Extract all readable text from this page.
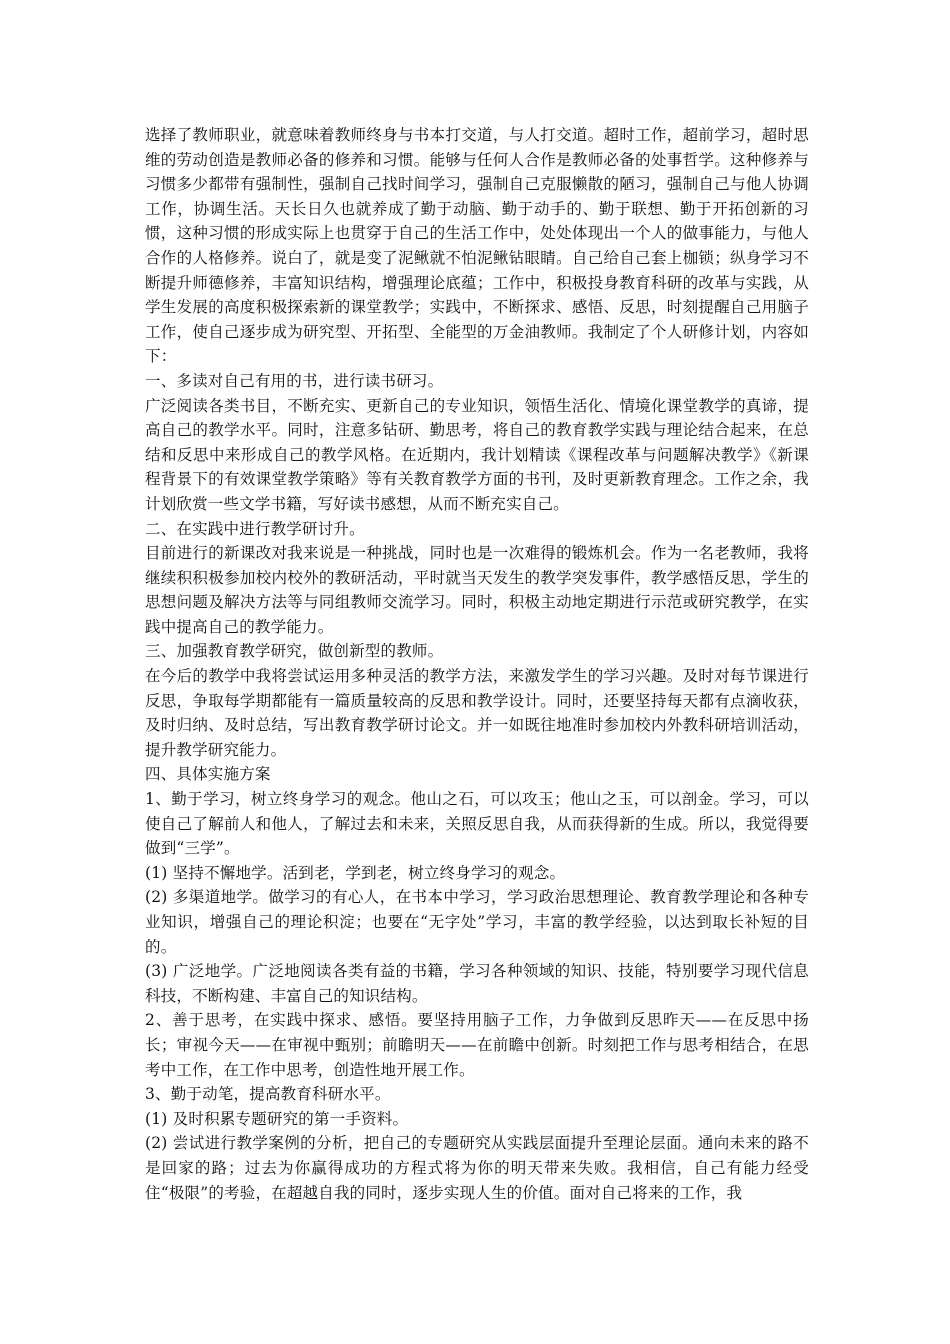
选择了教师职业，就意味着教师终身与书本打交道，与人打交道。超时工作，超前学习，超时思维的劳动创造是教师必备的修养和习惯。能够与任何人合作是教师必备的处事哲学。这种修养与习惯多少都带有强制性，强制自己找时间学习，强制自己克服懒散的陋习，强制自己与他人协调工作，协调生活。天长日久也就养成了勤于动脑、勤于动手的、勤于联想、勤于开拓创新的习惯，这种习惯的形成实际上也贯穿于自己的生活工作中，处处体现出一个人的做事能力，与他人合作的人格修养。说白了，就是变了泥鳅就不怕泥鳅钻眼睛。自己给自己套上枷锁；纵身学习不断提升师德修养，丰富知识结构，增强理论底蕴；工作中，积极投身教育科研的改革与实践，从学生发展的高度积极探索新的课堂教学；实践中，不断探求、感悟、反思，时刻提醒自己用脑子工作，使自己逐步成为研究型、开拓型、全能型的万金油教师。我制定了个人研修计划，内容如下：

一、多读对自己有用的书，进行读书研习。

广泛阅读各类书目，不断充实、更新自己的专业知识，领悟生活化、情境化课堂教学的真谛，提高自己的教学水平。同时，注意多钻研、勤思考，将自己的教育教学实践与理论结合起来，在总结和反思中来形成自己的教学风格。在近期内，我计划精读《课程改革与问题解决教学》《新课程背景下的有效课堂教学策略》等有关教育教学方面的书刊，及时更新教育理念。工作之余，我计划欣赏一些文学书籍，写好读书感想，从而不断充实自己。

二、在实践中进行教学研讨升。

目前进行的新课改对我来说是一种挑战，同时也是一次难得的锻炼机会。作为一名老教师，我将继续积积极参加校内校外的教研活动，平时就当天发生的教学突发事件，教学感悟反思，学生的思想问题及解决方法等与同组教师交流学习。同时，积极主动地定期进行示范或研究教学，在实践中提高自己的教学能力。

三、加强教育教学研究，做创新型的教师。

在今后的教学中我将尝试运用多种灵活的教学方法，来激发学生的学习兴趣。及时对每节课进行反思，争取每学期都能有一篇质量较高的反思和教学设计。同时，还要坚持每天都有点滴收获，及时归纳、及时总结，写出教育教学研讨论文。并一如既往地准时参加校内外教科研培训活动，提升教学研究能力。

四、具体实施方案

1、勤于学习，树立终身学习的观念。他山之石，可以攻玉；他山之玉，可以剖金。学习，可以使自己了解前人和他人，了解过去和未来，关照反思自我，从而获得新的生成。所以，我觉得要做到“三学”。

(1) 坚持不懈地学。活到老，学到老，树立终身学习的观念。

(2) 多渠道地学。做学习的有心人，在书本中学习，学习政治思想理论、教育教学理论和各种专业知识，增强自己的理论积淀；也要在“无字处”学习，丰富的教学经验，以达到取长补短的目的。

(3) 广泛地学。广泛地阅读各类有益的书籍，学习各种领域的知识、技能，特别要学习现代信息科技，不断构建、丰富自己的知识结构。

2、善于思考，在实践中探求、感悟。要坚持用脑子工作，力争做到反思昨天——在反思中扬长；审视今天——在审视中甄别；前瞻明天——在前瞻中创新。时刻把工作与思考相结合，在思考中工作，在工作中思考，创造性地开展工作。

3、勤于动笔，提高教育科研水平。

(1) 及时积累专题研究的第一手资料。

(2) 尝试进行教学案例的分析，把自己的专题研究从实践层面提升至理论层面。通向未来的路不是回家的路；过去为你赢得成功的方程式将为你的明天带来失败。我相信，自己有能力经受住“极限”的考验，在超越自我的同时，逐步实现人生的价值。面对自己将来的工作，我
